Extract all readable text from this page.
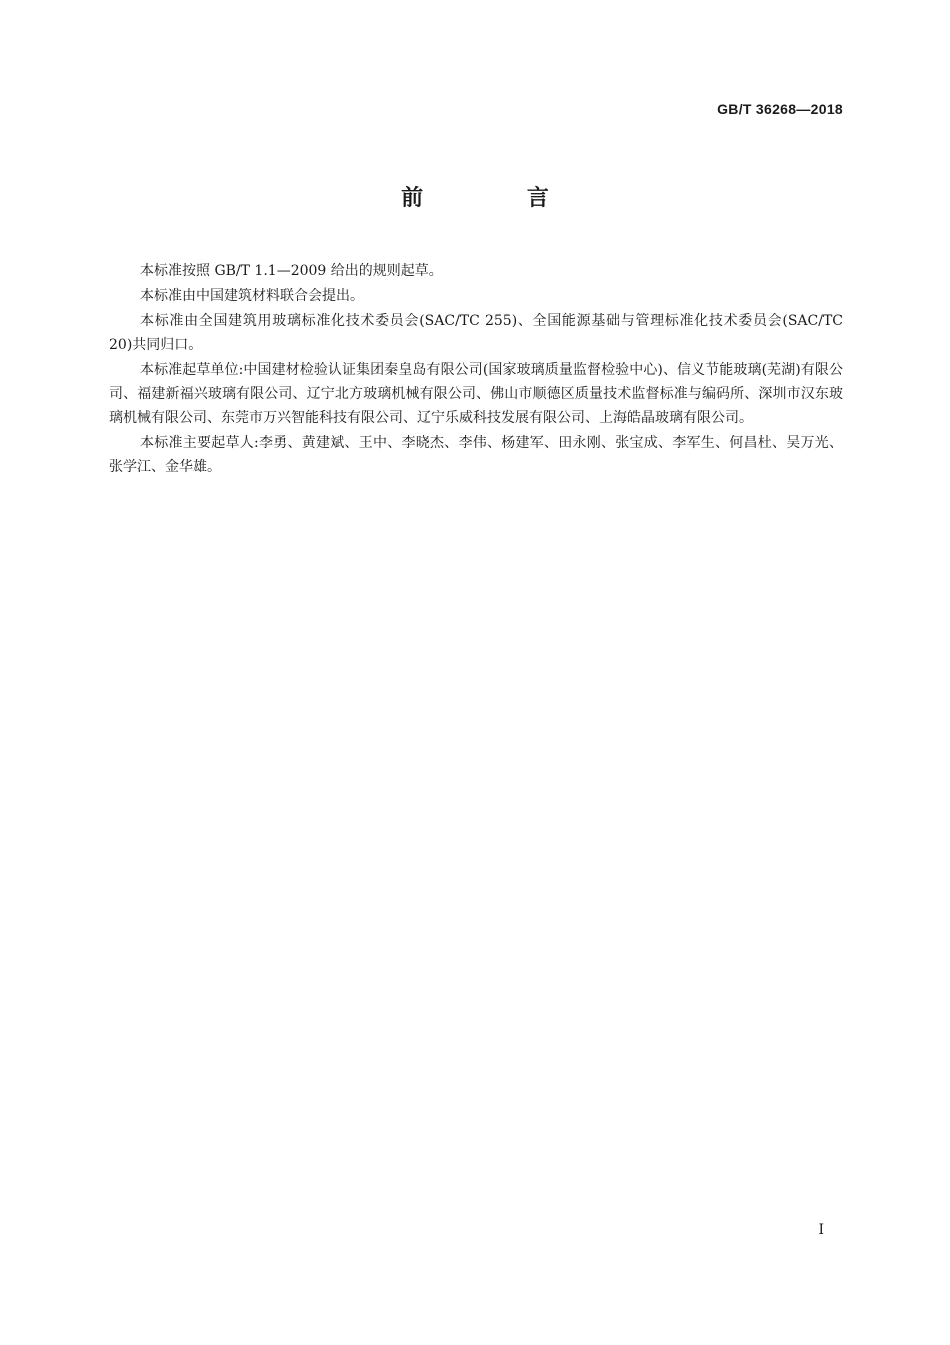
GB/T 36268—2018
前 言

本标准按照 GB/T 1.1—2009 给出的规则起草。

本标准由中国建筑材料联合会提出。

本标准由全国建筑用玻璃标准化技术委员会(SAC/TC 255)、全国能源基础与管理标准化技术委员会(SAC/TC 20)共同归口。

本标准起草单位:中国建材检验认证集团秦皇岛有限公司(国家玻璃质量监督检验中心)、信义节能玻璃(芜湖)有限公司、福建新福兴玻璃有限公司、辽宁北方玻璃机械有限公司、佛山市顺德区质量技术监督标准与编码所、深圳市汉东玻璃机械有限公司、东莞市万兴智能科技有限公司、辽宁乐威科技发展有限公司、上海皓晶玻璃有限公司。

本标准主要起草人:李勇、黄建斌、王中、李晓杰、李伟、杨建军、田永刚、张宝成、李军生、何昌杜、吴万光、张学江、金华雄。

I
